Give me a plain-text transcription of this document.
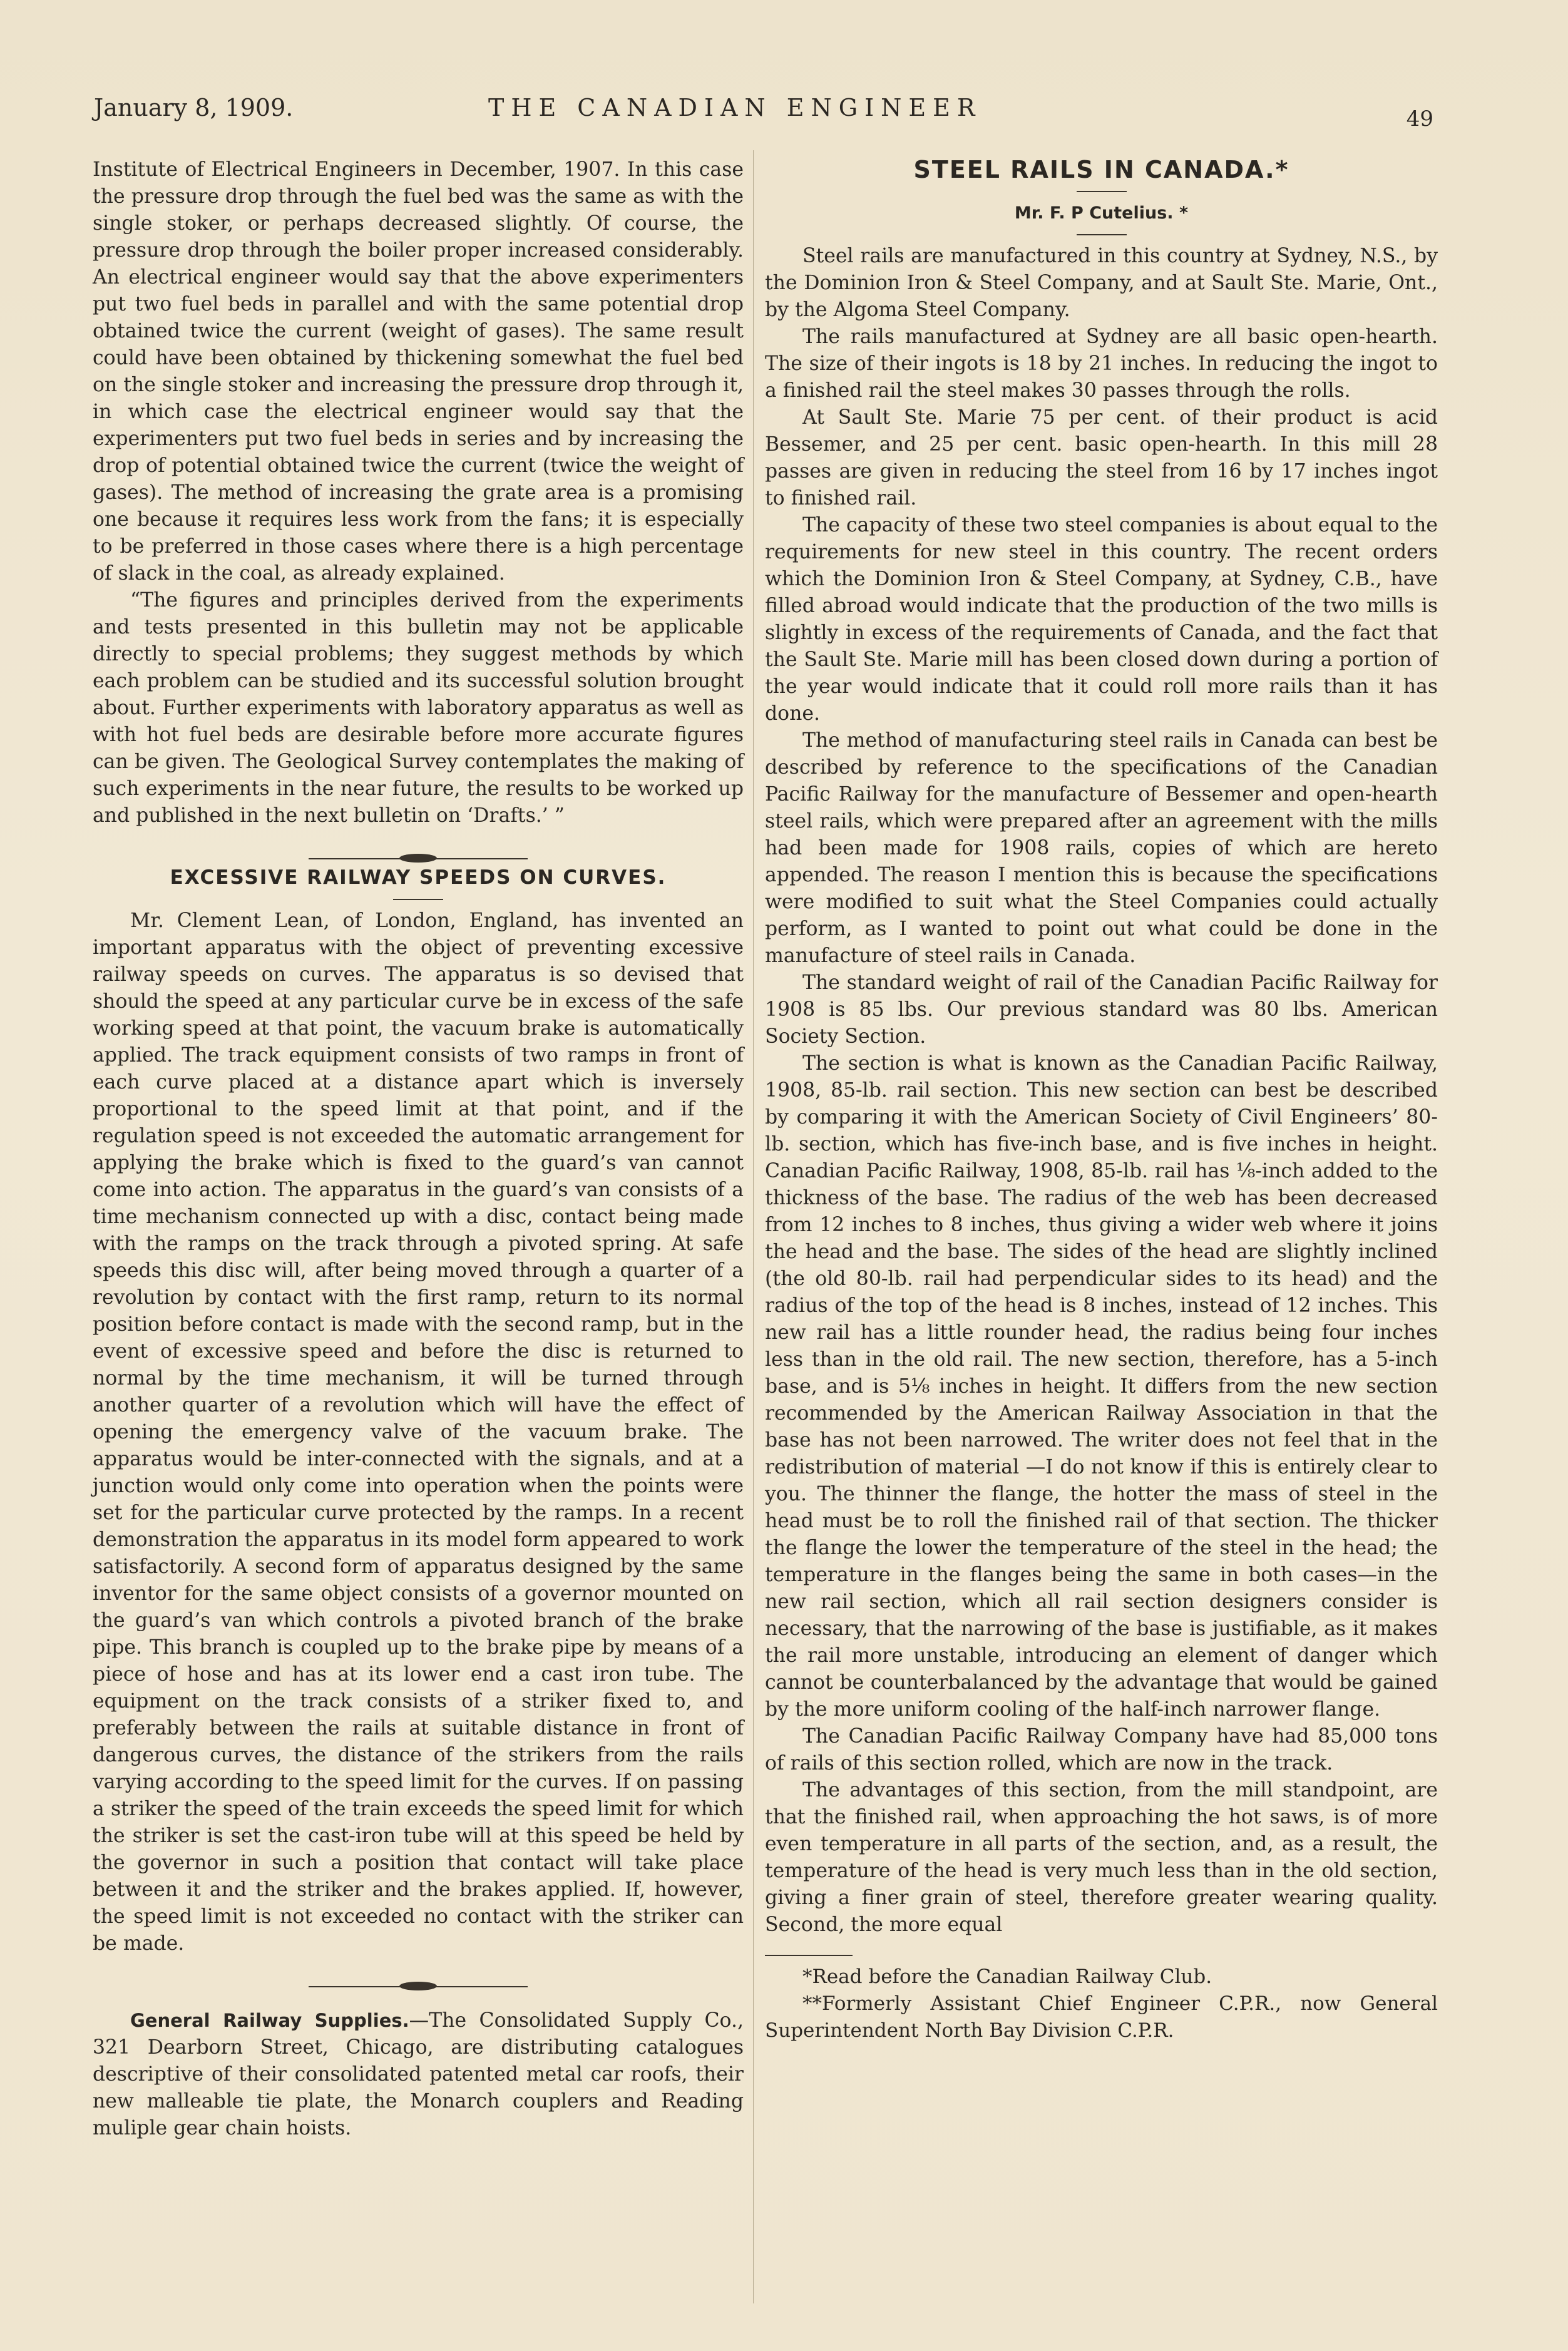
January 8, 1909.	THE CANADIAN ENGINEER	49

Institute of Electrical Engineers in December, 1907. In this case the pressure drop through the fuel bed was the same as with the single stoker, or perhaps decreased slightly. Of course, the pressure drop through the boiler proper increased considerably. An electrical engineer would say that the above experimenters put two fuel beds in parallel and with the same potential drop obtained twice the current (weight of gases). The same result could have been obtained by thickening somewhat the fuel bed on the single stoker and increasing the pressure drop through it, in which case the electrical engineer would say that the experimenters put two fuel beds in series and by increasing the drop of potential obtained twice the current (twice the weight of gases). The method of increasing the grate area is a promising one because it requires less work from the fans; it is especially to be preferred in those cases where there is a high percentage of slack in the coal, as already explained.

“The figures and principles derived from the experiments and tests presented in this bulletin may not be applicable directly to special problems; they suggest methods by which each problem can be studied and its successful solution brought about. Further experiments with laboratory apparatus as well as with hot fuel beds are desirable before more accurate figures can be given. The Geological Survey contemplates the making of such experiments in the near future, the results to be worked up and published in the next bulletin on ‘Drafts.’ ”

EXCESSIVE RAILWAY SPEEDS ON CURVES.

Mr. Clement Lean, of London, England, has invented an important apparatus with the object of preventing excessive railway speeds on curves. The apparatus is so devised that should the speed at any particular curve be in excess of the safe working speed at that point, the vacuum brake is automatically applied. The track equipment consists of two ramps in front of each curve placed at a distance apart which is inversely proportional to the speed limit at that point, and if the regulation speed is not exceeded the automatic arrangement for applying the brake which is fixed to the guard’s van cannot come into action. The apparatus in the guard’s van consists of a time mechanism connected up with a disc, contact being made with the ramps on the track through a pivoted spring. At safe speeds this disc will, after being moved through a quarter of a revolution by contact with the first ramp, return to its normal position before contact is made with the second ramp, but in the event of excessive speed and before the disc is returned to normal by the time mechanism, it will be turned through another quarter of a revolution which will have the effect of opening the emergency valve of the vacuum brake. The apparatus would be inter-connected with the signals, and at a junction would only come into operation when the points were set for the particular curve protected by the ramps. In a recent demonstration the apparatus in its model form appeared to work satisfactorily. A second form of apparatus designed by the same inventor for the same object consists of a governor mounted on the guard’s van which controls a pivoted branch of the brake pipe. This branch is coupled up to the brake pipe by means of a piece of hose and has at its lower end a cast iron tube. The equipment on the track consists of a striker fixed to, and preferably between the rails at suitable distance in front of dangerous curves, the distance of the strikers from the rails varying according to the speed limit for the curves. If on passing a striker the speed of the train exceeds the speed limit for which the striker is set the cast-iron tube will at this speed be held by the governor in such a position that contact will take place between it and the striker and the brakes applied. If, however, the speed limit is not exceeded no contact with the striker can be made.

General Railway Supplies.—The Consolidated Supply Co., 321 Dearborn Street, Chicago, are distributing catalogues descriptive of their consolidated patented metal car roofs, their new malleable tie plate, the Monarch couplers and Reading muliple gear chain hoists.

STEEL RAILS IN CANADA.*

Mr. F. P Cutelius. *

Steel rails are manufactured in this country at Sydney, N.S., by the Dominion Iron & Steel Company, and at Sault Ste. Marie, Ont., by the Algoma Steel Company.

The rails manufactured at Sydney are all basic open-hearth. The size of their ingots is 18 by 21 inches. In reducing the ingot to a finished rail the steel makes 30 passes through the rolls.

At Sault Ste. Marie 75 per cent. of their product is acid Bessemer, and 25 per cent. basic open-hearth. In this mill 28 passes are given in reducing the steel from 16 by 17 inches ingot to finished rail.

The capacity of these two steel companies is about equal to the requirements for new steel in this country. The recent orders which the Dominion Iron & Steel Company, at Sydney, C.B., have filled abroad would indicate that the production of the two mills is slightly in excess of the requirements of Canada, and the fact that the Sault Ste. Marie mill has been closed down during a portion of the year would indicate that it could roll more rails than it has done.

The method of manufacturing steel rails in Canada can best be described by reference to the specifications of the Canadian Pacific Railway for the manufacture of Bessemer and open-hearth steel rails, which were prepared after an agreement with the mills had been made for 1908 rails, copies of which are hereto appended. The reason I mention this is because the specifications were modified to suit what the Steel Companies could actually perform, as I wanted to point out what could be done in the manufacture of steel rails in Canada.

The standard weight of rail of the Canadian Pacific Railway for 1908 is 85 lbs. Our previous standard was 80 lbs. American Society Section.

The section is what is known as the Canadian Pacific Railway, 1908, 85-lb. rail section. This new section can best be described by comparing it with the American Society of Civil Engineers’ 80-lb. section, which has five-inch base, and is five inches in height. Canadian Pacific Railway, 1908, 85-lb. rail has ⅛-inch added to the thickness of the base. The radius of the web has been decreased from 12 inches to 8 inches, thus giving a wider web where it joins the head and the base. The sides of the head are slightly inclined (the old 80-lb. rail had perpendicular sides to its head) and the radius of the top of the head is 8 inches, instead of 12 inches. This new rail has a little rounder head, the radius being four inches less than in the old rail. The new section, therefore, has a 5-inch base, and is 5⅛ inches in height. It differs from the new section recommended by the American Railway Association in that the base has not been narrowed. The writer does not feel that in the redistribution of material —I do not know if this is entirely clear to you. The thinner the flange, the hotter the mass of steel in the head must be to roll the finished rail of that section. The thicker the flange the lower the temperature of the steel in the head; the temperature in the flanges being the same in both cases—in the new rail section, which all rail section designers consider is necessary, that the narrowing of the base is justifiable, as it makes the rail more unstable, introducing an element of danger which cannot be counterbalanced by the advantage that would be gained by the more uniform cooling of the half-inch narrower flange.

The Canadian Pacific Railway Company have had 85,000 tons of rails of this section rolled, which are now in the track.

The advantages of this section, from the mill standpoint, are that the finished rail, when approaching the hot saws, is of more even temperature in all parts of the section, and, as a result, the temperature of the head is very much less than in the old section, giving a finer grain of steel, therefore greater wearing quality. Second, the more equal

*Read before the Canadian Railway Club.

**Formerly Assistant Chief Engineer C.P.R., now General Superintendent North Bay Division C.P.R.
